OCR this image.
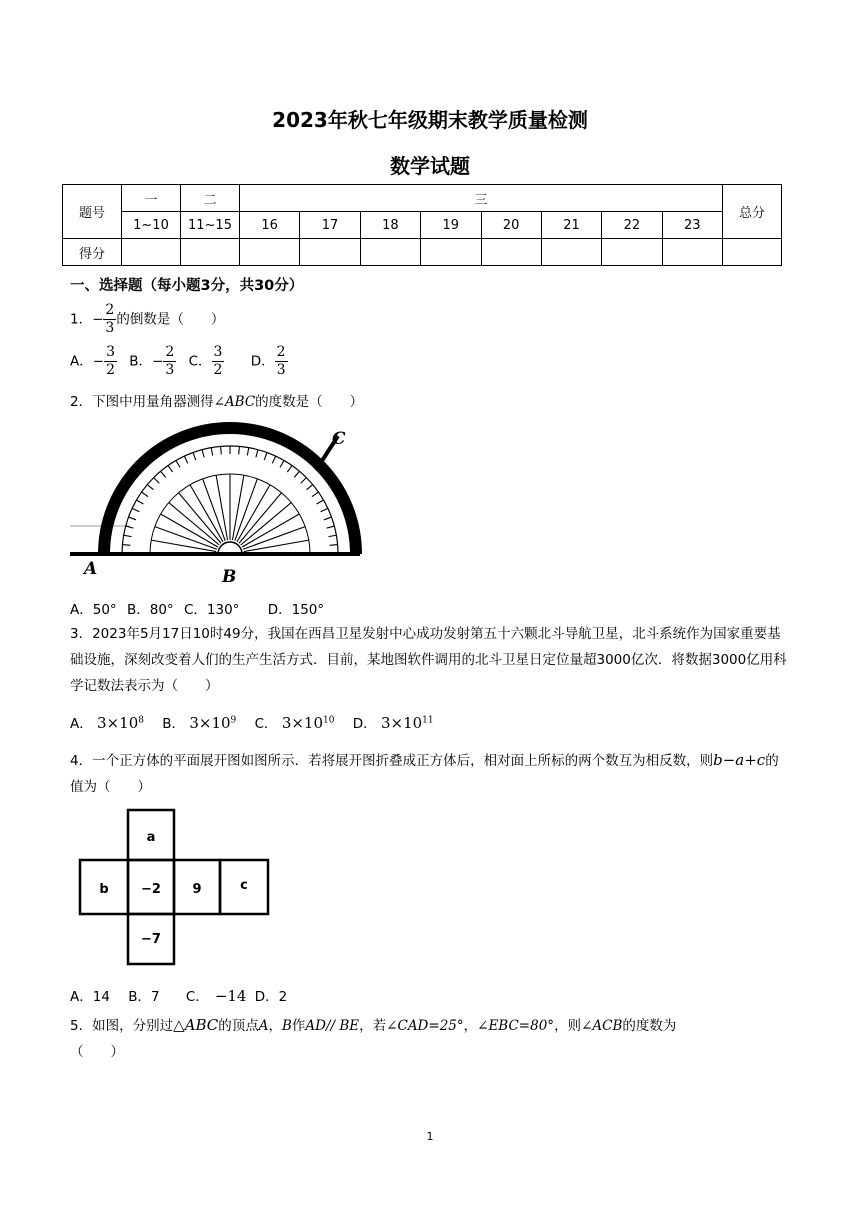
2023年秋七年级期末教学质量检测
数学试题
题号	一	二	三								总分
	1~10	11~15	16	17	18	19	20	21	22	23	
得分											
一、选择题（每小题3分，共30分）
1．− $\frac{2}{3}$ 的倒数是（　　）
A．− $\frac{3}{2}$ B．− $\frac{2}{3}$ C． $\frac{3}{2}$ D． $\frac{2}{3}$
2．下图中用量角器测得∠ABC的度数是（　　）
A	B
C
A．50° B．80° C．130° D．150°
3．2023年5月17日10时49分，我国在西昌卫星发射中心成功发射第五十六颗北斗导航卫星，北斗系统作为国家重要基础设施，深刻改变着人们的生产生活方式．目前，某地图软件调用的北斗卫星日定位量超3000亿次．将数据3000亿用科学记数法表示为（　　）
A． $3\times 10^8$ B． $3\times 10^9$ C． $3\times 10^{10}$ D． $3\times 10^{11}$
4．一个正方体的平面展开图如图所示．若将展开图折叠成正方体后，相对面上所标的两个数互为相反数，则b−a+c的值为（　　）
a
b −2 9	c
−7
A．14 B．7 C． −14 D．2
5．如图，分别过△ABC的顶点A，B作AD// BE，若∠CAD=25°，∠EBC=80°，则∠ACB的度数为
（　　）
1
